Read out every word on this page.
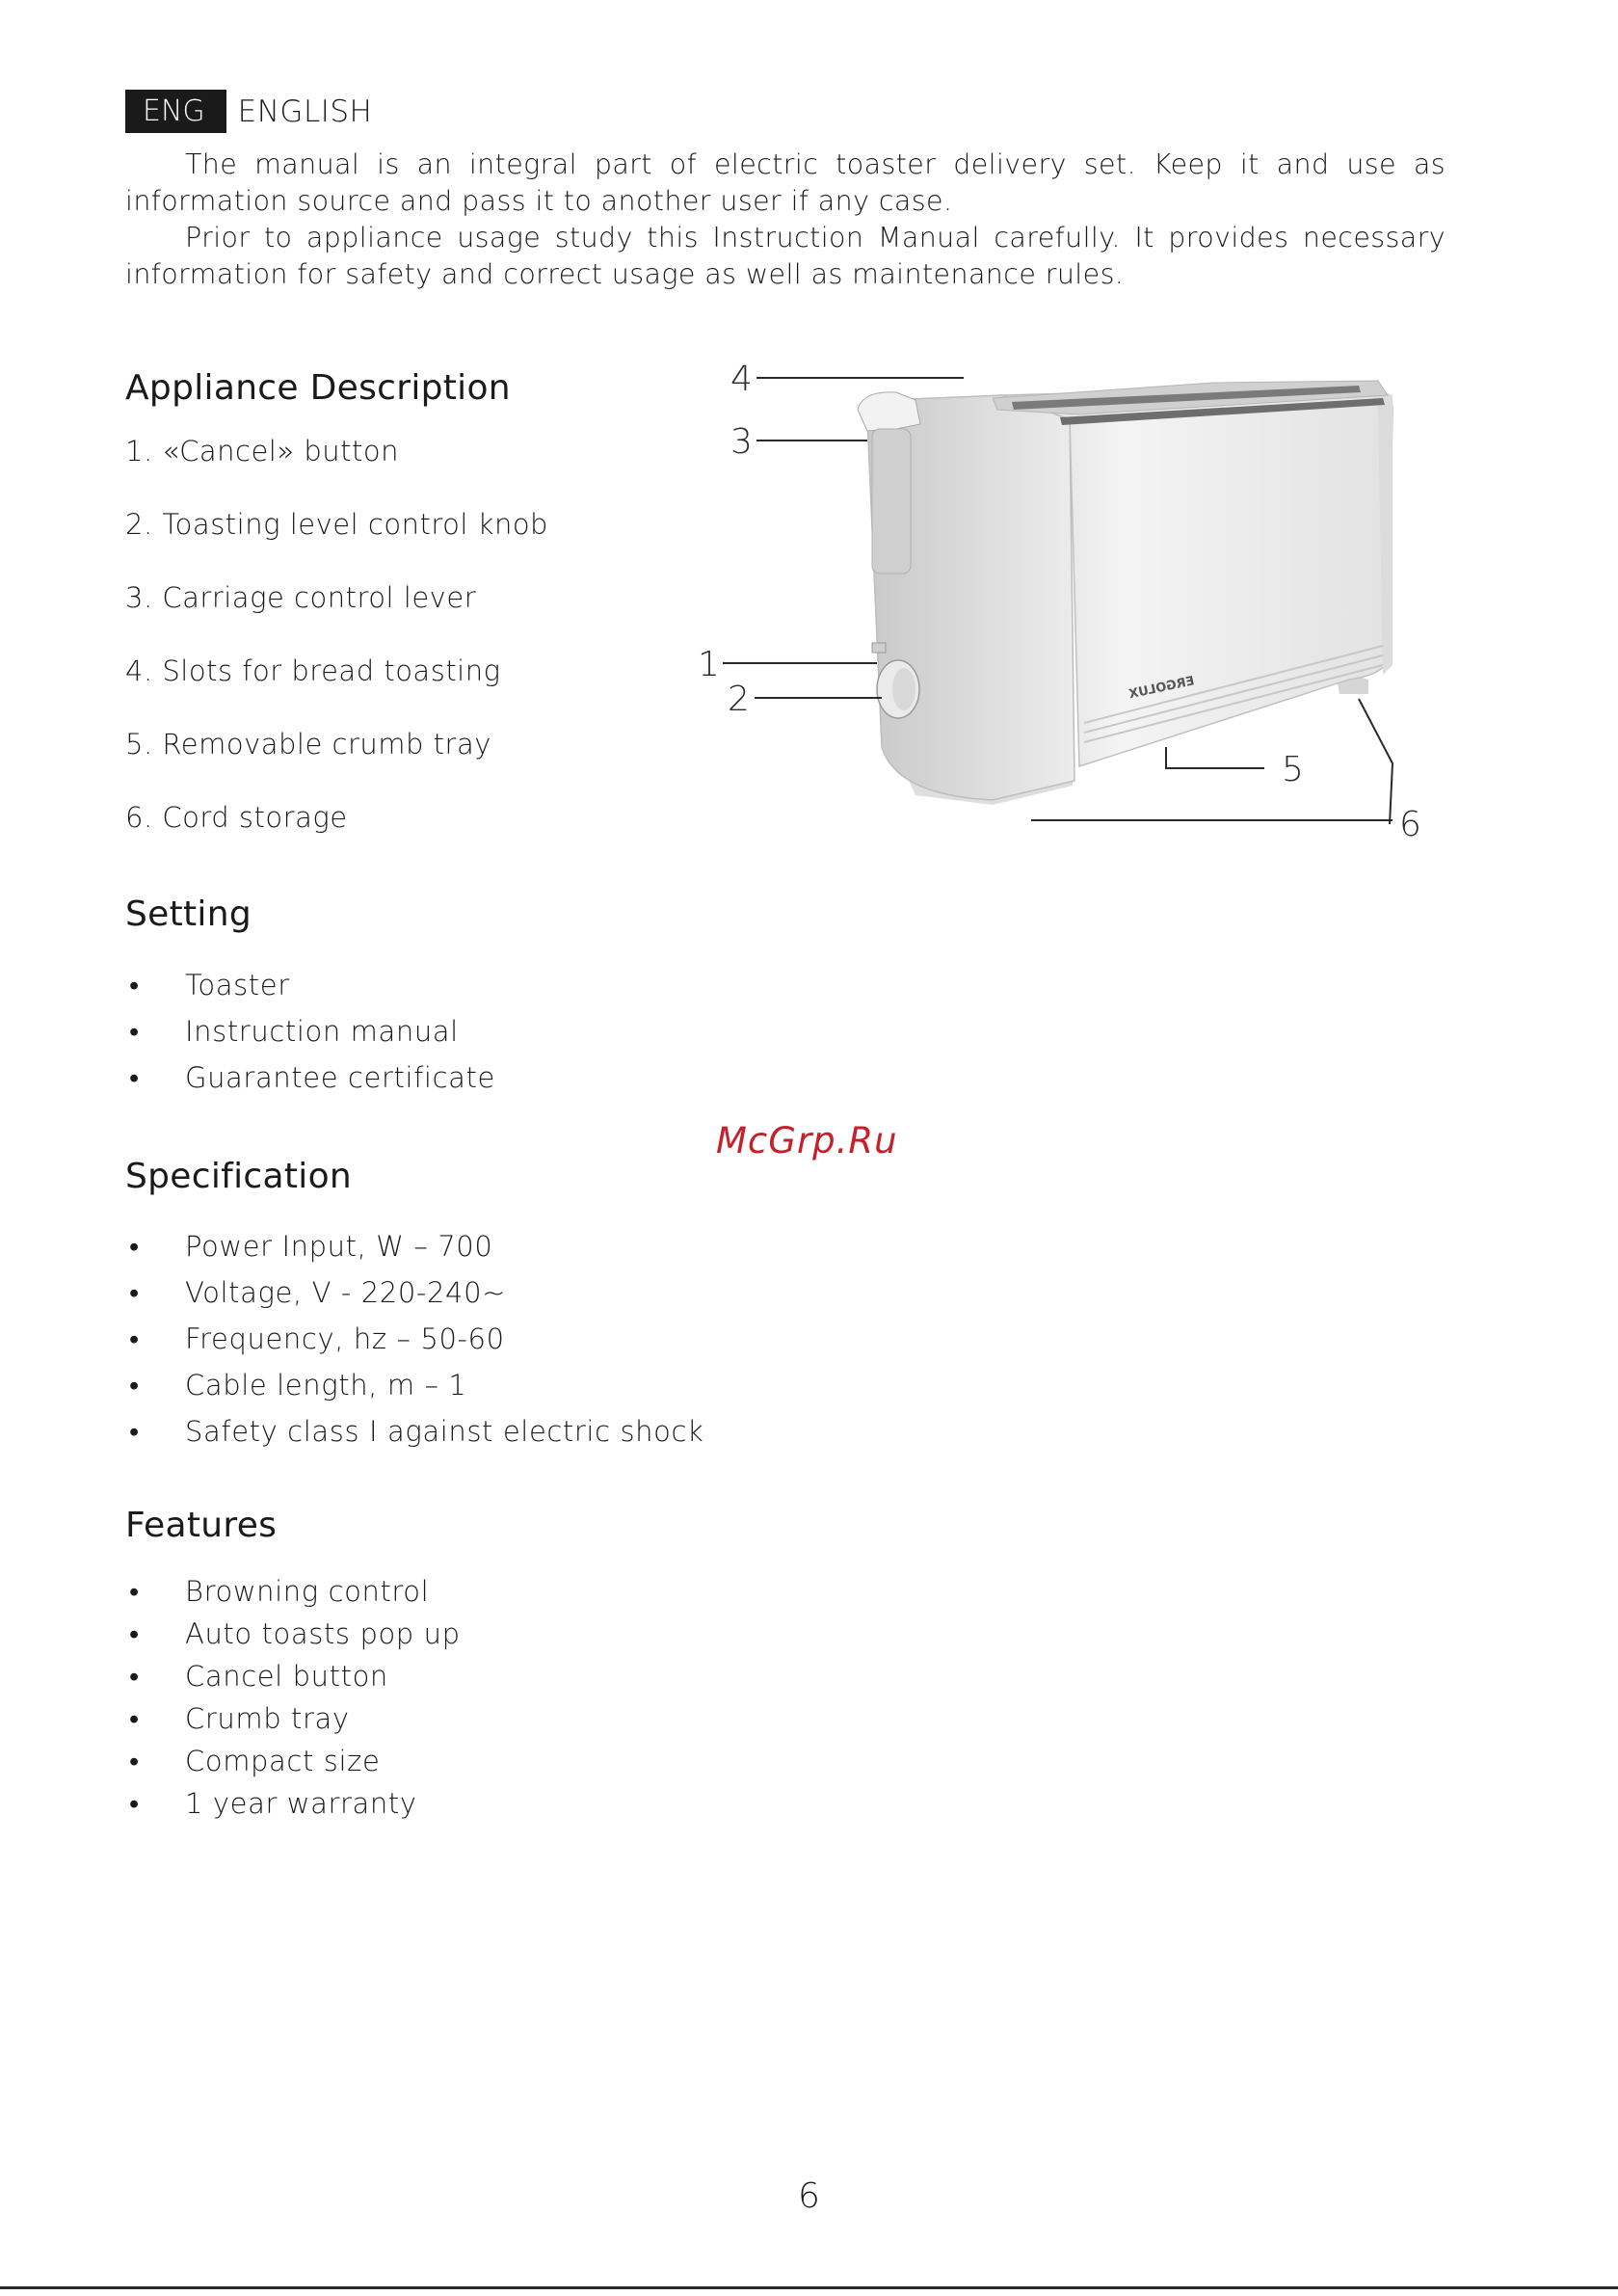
ENG	ENGLISH

The manual is an integral part of electric toaster delivery set. Keep it and use as information source and pass it to another user if any case.

Prior to appliance usage study this Instruction Manual carefully. It provides necessary information for safety and correct usage as well as maintenance rules.

Appliance Description
1. «Cancel» button
2. Toasting level control knob
3. Carriage control lever
4. Slots for bread toasting
5. Removable crumb tray
6. Cord storage
ERGOLUX
4
3
1
2
5
6
Setting
• Toaster
• Instruction manual
• Guarantee certificate
McGrp.Ru
Specification
• Power Input, W – 700
• Voltage, V - 220-240~
• Frequency, hz – 50-60
• Cable length, m – 1
• Safety class I against electric shock
Features
• Browning control
• Auto toasts pop up
• Cancel button
• Crumb tray
• Compact size
• 1 year warranty
6
